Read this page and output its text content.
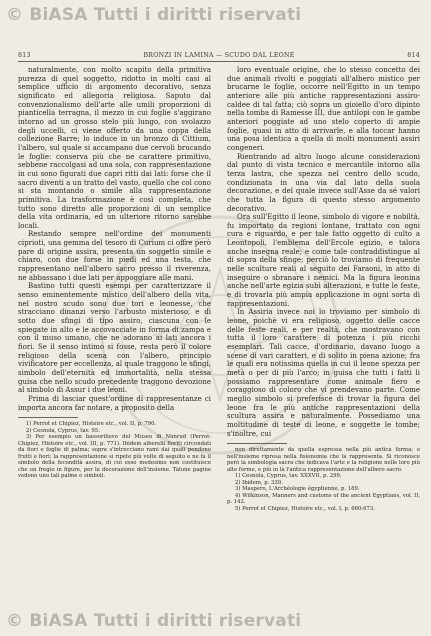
© BiASA Tutti i diritti riservati
813	BRONZI IN LAMINA — SCUDO DAL LEONE	814

naturalmente, con molto scapito della primitiva purezza di quel soggetto, ridotto in molti casi al semplice ufficio di argomento decorativo, senza significato ed allegoria religiosa. Saputo dal convenzionalismo dell'arte alle umili proporzioni di pianticella terragna, il mezzo in cui foglie s'aggirano intorno ad un grosso stelo più lungo, con svolazzo degli uccelli, ci viene offerto da una coppa della collezione Barre; lo induce in un bronzo di Cittium, l'albero, sul quale si accampano due cervoli brucando le foglie: conserva più che ne carattere primitivo, sebbene raccolgasi ad una sola, con rappresentazione in cui sono figurati due capri ritti dai lati: forse che il sacro diventi a un tratto del vasto, quello che col cono si sta montando o simile alla rappresentazione primitiva. La trasformazione è così completa, che tutto sono diretto alle proporzioni di un semplice della vita ordinaria, ed un ulteriore ritorno sarebbe locali.

Restando sempre nell'ordine dei monumenti ciprioti, una gemma del tesoro di Curium ci offre però pare di origine assira, presenta un soggetto simile e chiaro, con due forse in piedi ed una testa, che rappresentano nell'albero sacro presso il riverenza, ne abbassano i due lati per appoggiare alle mani.

Bastino tutti questi esempi per caratterizzare il senso eminentemente mistico dell'albero della vita, nel nostro scudo sono due tori e leonesse, che stracciano dinanzi verso l'arbusto misterioso, e di sotto due sfingi di tipo assiro, ciascuna con le spiegate in alto e le accovacciate in forma di zampa e con il muso umano, che ne adorano ai lati ancora i fiori. Se il senso intimo si fosse, resta però il colore religioso della scena con l'albero, principio vivificatore per eccellenza, al quale traggono le sfingi, simbolo dell'eternità ed immortalità, nella stessa guisa che nello scudo precedente traggono devozione al simbolo di Assur i due leoni.

Prima di lasciar quest'ordine di rappresentanze ci importa ancora far notare, a proposito della

1) Perrot et Chipiez, Histoire etc., vol. II, p. 790.

2) Cesnola, Cyprus, tav. 95.

3) Per esempio un bassorilievo del Museo di Nimrud (Perrot-Chipiez, Histoire etc., vol. III, p. 771). Ibidem alberelli fioriti circondati da fiori e foglie di palma; sopra s'intrecciano rami dai quali pendono frutti e fiori; la rappresentazione si ripete più volte di seguito e ne fa il simbolo della fecondità assira, di cui esso medesimo non costituisce che un fregio in figure, per la decorazione dell'insieme. Talune pagine vedono uno tali palme e simboli.

loro eventuale origine, che lo stesso concetto dei due animali rivolti e poggiati all'albero mistico per brucarne le foglie, occorre nell'Egitto in un tempo anteriore alle più antiche rappresentazioni assiro-caldee di tal fatta; ciò sopra un gioiello d'oro dipinto nella tomba di Ramesse III, due antilopi con le gambe anteriori poggiate ad uno stelo coperto di ampie foglie, quasi in atto di arrivarle, e alla toccar hanno una posa identica a quella di molti monumenti assiri congeneri.

Rientrando ad altro luogo alcune considerazioni dal punto di vista tecnico e mercantile intorno alla terza lastra, che spezza nel centro dello scudo, condizionata in una via dal lato della suola decorazione, e del quale invece sull'Asse da sé valori che tutta la figura di questo stesso argomento decorativo.

Ora sull'Egitto il leone, simbolo di vigore e nobiltà, fu importato da regioni lontane, trattato con ogni cura e riguardo, e per tale fatto oggetto di culto a Leontopoli, l'emblema dell'Ercole egizio, e talora anche insegna reale; e come tale contraddistingue al di sopra della sfinge; perciò lo troviamo di frequente nelle sculture reali al seguito dei Faraoni, in atto di inseguire o sbranare i nemici. Ma la figura leonina anche nell'arte egizia subì alterazioni, e tutte le feste, e di trovarla più ampia applicazione in ogni sorta di rappresentazioni.

In Assiria invece noi lo troviamo per simbolo di leone, poichè vi era religioso, oggetto delle cacce delle feste reali, e per realtà, che mostravano con tutta il loro carattere di potenza i più ricchi esemplari. Tali cacce, d'ordinario, davano luogo a scene di vari caratteri, e di solito in piena azione; fra le quali era notissima quella in cui il leone spezza per metà o per di più l'arco; in guisa che tutti i fatti li possiamo rappresentare come animale fiero e coraggioso di coloro che vi prendevano parte. Come meglio simbolo si preferisce di trovar la figura del leone fra le più antiche rappresentazioni della scultura assira e naturalmente. Possediamo una moltitudine di teste di leone, e soggette le tombe; s'inoltre, cui

non direttamente da quella espressa nella più antica forma; e nell'insieme ripresa nella fisionomia che la rappresenta. Si riconosce però la simbologia sacra che indicava l'arte e la religione nelle loro più alte forme, e più in là l'antica rappresentazione dell'albero sacro.

1) Cesnola, Cyprus, tav. XXXVII, p. 299.

2) Ibidem, p. 339.

3) Maspero, L'Archéologie égyptienne, p. 189.

4) Wilkinson, Manners and customs of the ancient Egyptians, vol. II, p. 142.

5) Perrot et Chipiez, Histoire etc., vol. I, p. 660-673.

© BiASA Tutti i diritti riservati
